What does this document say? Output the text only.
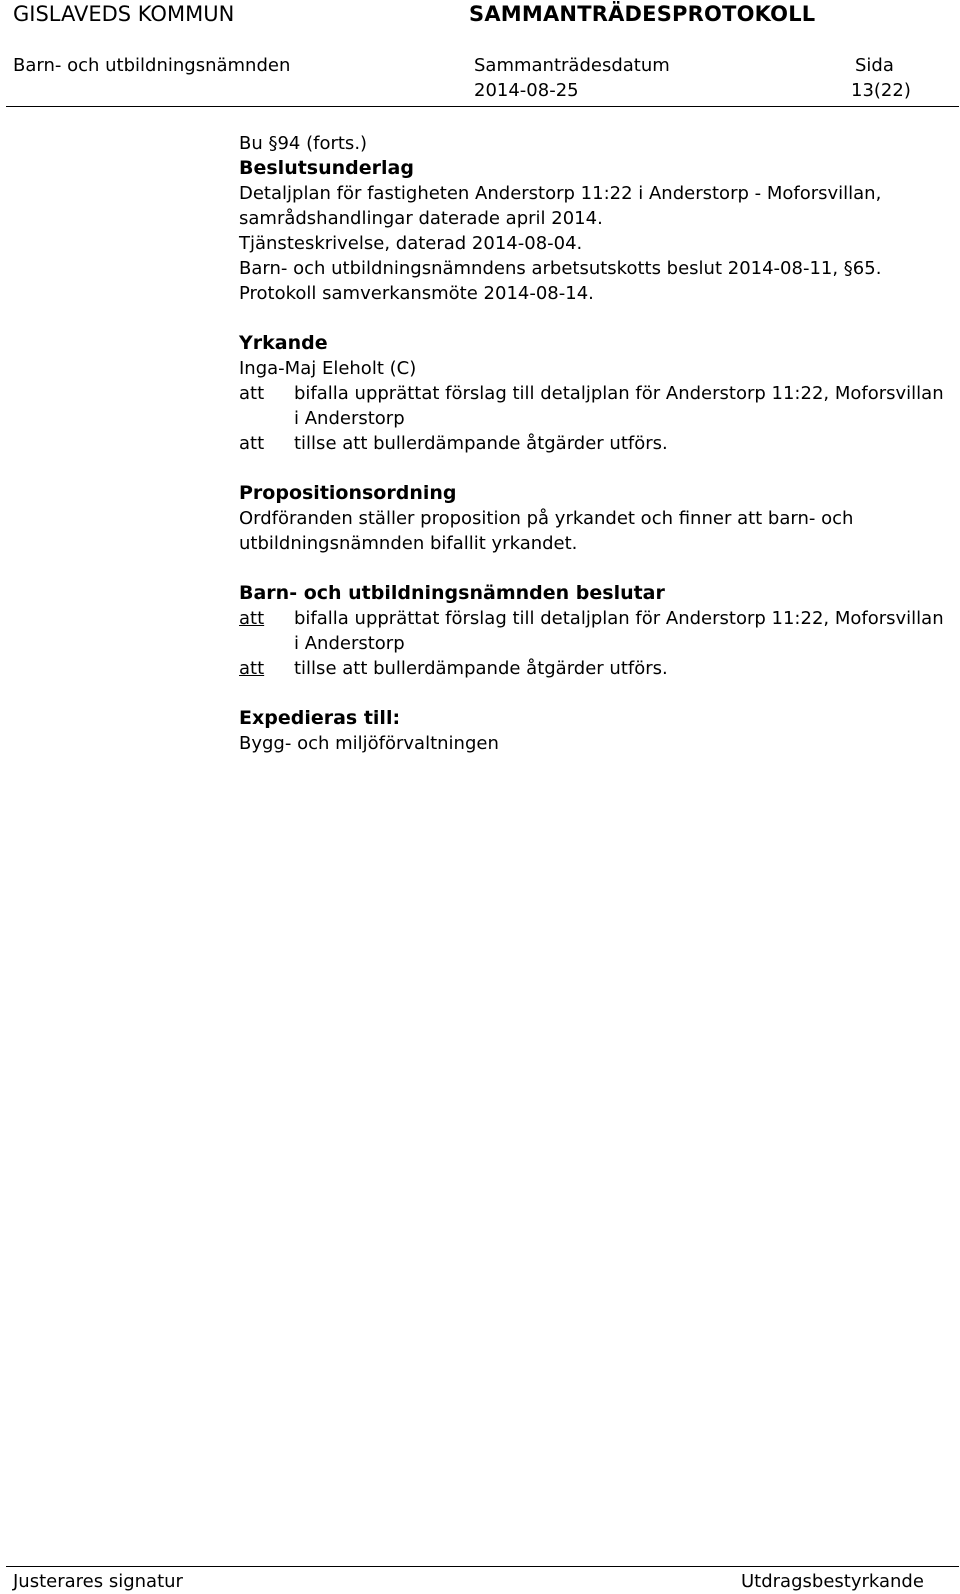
GISLAVEDS KOMMUN	SAMMANTRÄDESPROTOKOLL
Barn- och utbildningsnämnden	Sammanträdesdatum
2014-08-25
Sida
13(22)

Bu §94 (forts.)

Beslutsunderlag

Detaljplan för fastigheten Anderstorp 11:22 i Anderstorp - Moforsvillan,

samrådshandlingar daterade april 2014.

Tjänsteskrivelse, daterad 2014-08-04.

Barn- och utbildningsnämndens arbetsutskotts beslut 2014-08-11, §65.

Protokoll samverkansmöte 2014-08-14.

Yrkande

Inga-Maj Eleholt (C)

att	bifalla upprättat förslag till detaljplan för Anderstorp 11:22, Moforsvillan i Anderstorp
att	tillse att bullerdämpande åtgärder utförs.
Propositionsordning

Ordföranden ställer proposition på yrkandet och finner att barn- och utbildningsnämnden bifallit yrkandet.

Barn- och utbildningsnämnden beslutar
att	bifalla upprättat förslag till detaljplan för Anderstorp 11:22, Moforsvillan i Anderstorp
att	tillse att bullerdämpande åtgärder utförs.
Expedieras till:

Bygg- och miljöförvaltningen

Justerares signatur	Utdragsbestyrkande
